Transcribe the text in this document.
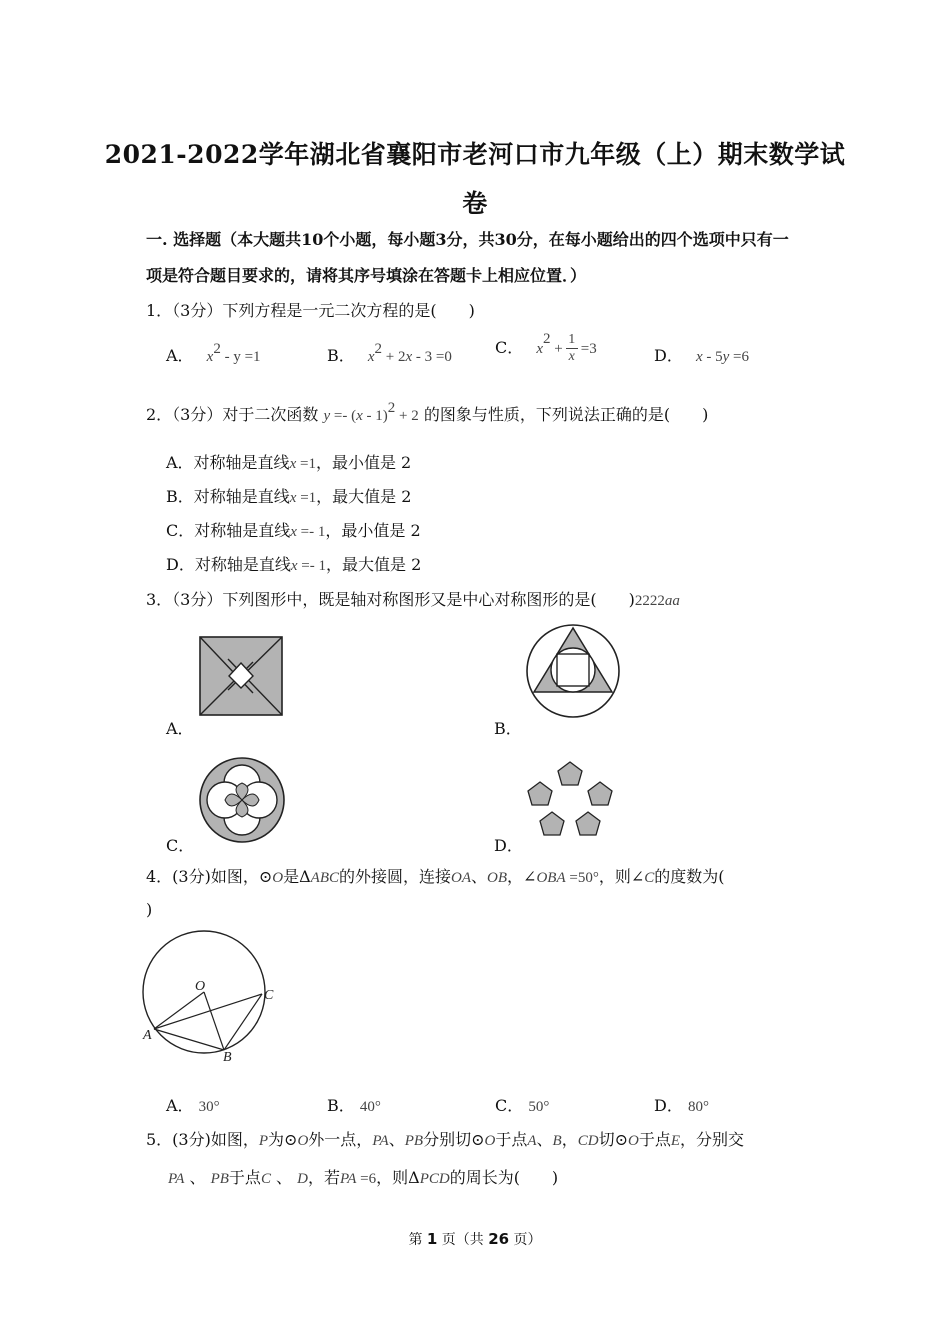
2021-2022学年湖北省襄阳市老河口市九年级（上）期末数学试
卷
一. 选择题（本大题共10个小题，每小题3分，共30分，在每小题给出的四个选项中只有一
项是符合题目要求的，请将其序号填涂在答题卡上相应位置．）
1．（3分）下列方程是一元二次方程的是(　　)
A． $x^2 - y =1$	B． $x^2 + 2x - 3 =0$	C． $x^2 + \frac{1}{x} =3$	D． x - 5y =6
2．（3分）对于二次函数 y =- (x - 1)$^2$ + 2 的图象与性质，下列说法正确的是(　　)
A．对称轴是直线x =1，最小值是 2
B．对称轴是直线x =1，最大值是 2
C．对称轴是直线x =- 1，最小值是 2
D．对称轴是直线x =- 1，最大值是 2
3．（3分）下列图形中，既是轴对称图形又是中心对称图形的是(　　)2222aa
A．	B．
C．	D．
4．(3分)如图，⊙O是ΔABC的外接圆，连接OA、OB，∠OBA =50°，则∠C的度数为(
)
O
A
B
C
A． 30°	B． 40°	C． 50°	D． 80°
5．(3分)如图，P为⊙O外一点，PA、PB分别切⊙O于点A、B，CD切⊙O于点E，分别交
PA 、 PB于点C 、 D，若PA =6，则ΔPCD的周长为(　　)
第 1 页（共 26 页）
